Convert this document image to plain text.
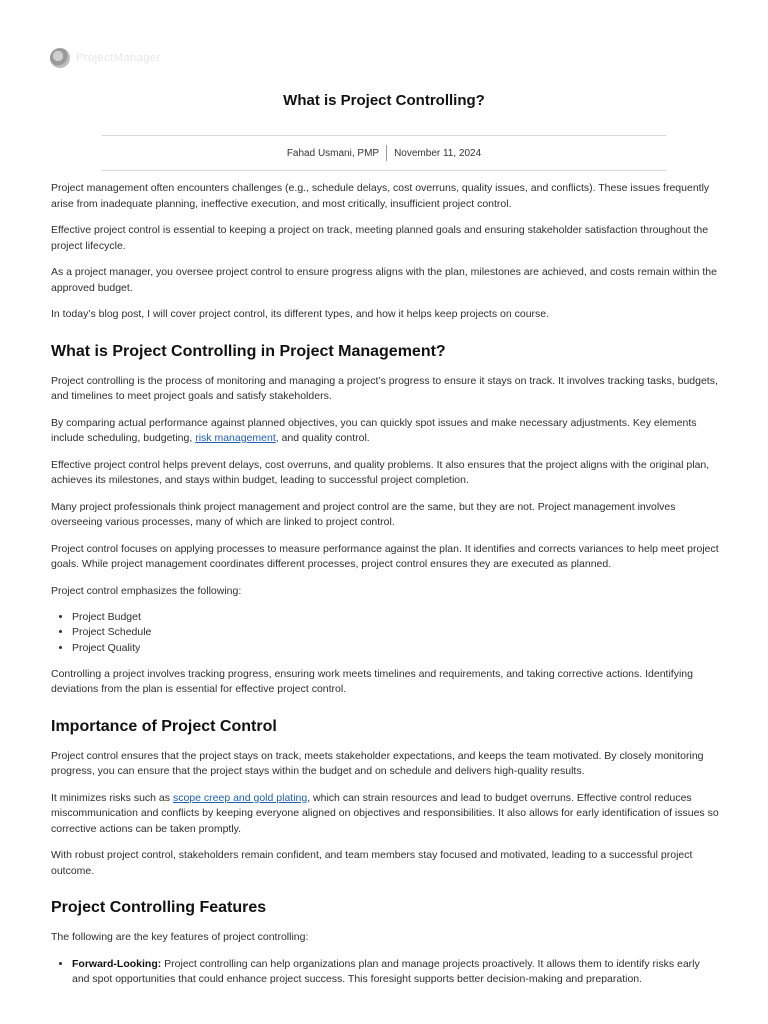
ProjectManager
What is Project Controlling?
Fahad Usmani, PMP November 11, 2024

Project management often encounters challenges (e.g., schedule delays, cost overruns, quality issues, and conflicts). These issues frequently arise from inadequate planning, ineffective execution, and most critically, insufficient project control.

Effective project control is essential to keeping a project on track, meeting planned goals and ensuring stakeholder satisfaction throughout the project lifecycle.

As a project manager, you oversee project control to ensure progress aligns with the plan, milestones are achieved, and costs remain within the approved budget.

In today’s blog post, I will cover project control, its different types, and how it helps keep projects on course.

What is Project Controlling in Project Management?

Project controlling is the process of monitoring and managing a project’s progress to ensure it stays on track. It involves tracking tasks, budgets, and timelines to meet project goals and satisfy stakeholders.

By comparing actual performance against planned objectives, you can quickly spot issues and make necessary adjustments. Key elements include scheduling, budgeting, risk management, and quality control.

Effective project control helps prevent delays, cost overruns, and quality problems. It also ensures that the project aligns with the original plan, achieves its milestones, and stays within budget, leading to successful project completion.

Many project professionals think project management and project control are the same, but they are not. Project management involves overseeing various processes, many of which are linked to project control.

Project control focuses on applying processes to measure performance against the plan. It identifies and corrects variances to help meet project goals. While project management coordinates different processes, project control ensures they are executed as planned.

Project control emphasizes the following:

• Project Budget
• Project Schedule
• Project Quality

Controlling a project involves tracking progress, ensuring work meets timelines and requirements, and taking corrective actions. Identifying deviations from the plan is essential for effective project control.

Importance of Project Control

Project control ensures that the project stays on track, meets stakeholder expectations, and keeps the team motivated. By closely monitoring progress, you can ensure that the project stays within the budget and on schedule and delivers high-quality results.

It minimizes risks such as scope creep and gold plating, which can strain resources and lead to budget overruns. Effective control reduces miscommunication and conflicts by keeping everyone aligned on objectives and responsibilities. It also allows for early identification of issues so corrective actions can be taken promptly.

With robust project control, stakeholders remain confident, and team members stay focused and motivated, leading to a successful project outcome.

Project Controlling Features

The following are the key features of project controlling:

• Forward-Looking: Project controlling can help organizations plan and manage projects proactively. It allows them to identify risks early and spot opportunities that could enhance project success. This foresight supports better decision-making and preparation.
